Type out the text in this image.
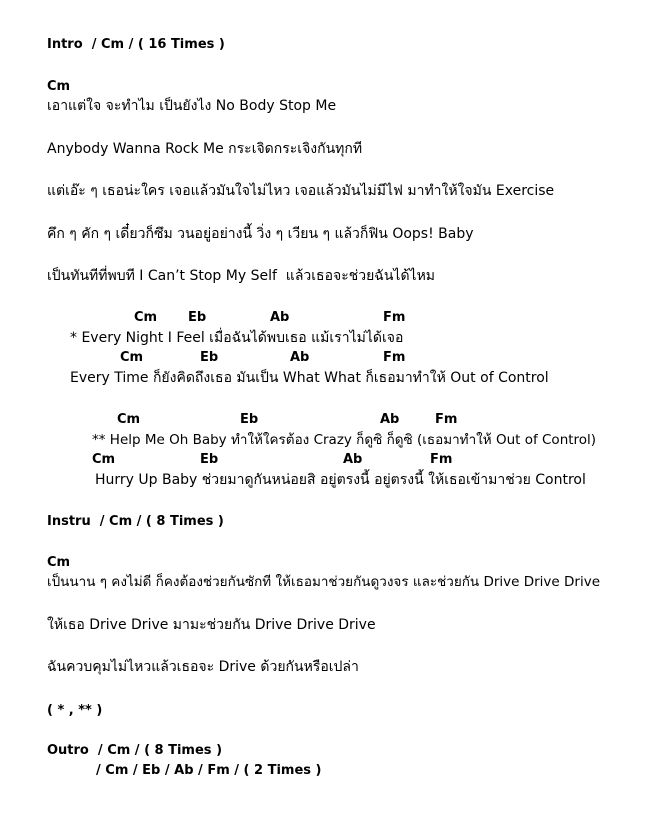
Intro  / Cm / ( 16 Times )
Cm
เอาแต่ใจ จะทำไม เป็นยังไง No Body Stop Me
Anybody Wanna Rock Me กระเจิดกระเจิงกันทุกที
แต่เอ๊ะ ๆ เธอน่ะใคร เจอแล้วมันใจไม่ไหว เจอแล้วมันไม่มีไฟ มาทำให้ใจมัน Exercise
คึก ๆ คัก ๆ เดี๋ยวก็ซึม วนอยู่อย่างนี้ วิ่ง ๆ เวียน ๆ แล้วก็ฟิน Oops! Baby
เป็นทันทีที่พบที I Can’t Stop My Self  แล้วเธอจะช่วยฉันได้ไหม
Cm Eb	Ab	Fm
* Every Night I Feel เมื่อฉันได้พบเธอ แม้เราไม่ได้เจอ
Cm	Eb	Ab	Fm
Every Time ก็ยังคิดถึงเธอ มันเป็น What What ก็เธอมาทำให้ Out of Control
Cm	Eb	Ab	Fm
** Help Me Oh Baby ทำให้ใครต้อง Crazy ก็ดูซิ ก็ดูซิ (เธอมาทำให้ Out of Control)
Cm	Eb	Ab	Fm
Hurry Up Baby ช่วยมาดูกันหน่อยสิ อยู่ตรงนี้ อยู่ตรงนี้ ให้เธอเข้ามาช่วย Control
Instru  / Cm / ( 8 Times )
Cm
เป็นนาน ๆ คงไม่ดี ก็คงต้องช่วยกันซักที ให้เธอมาช่วยกันดูวงจร และช่วยกัน Drive Drive Drive
ให้เธอ Drive Drive มามะช่วยกัน Drive Drive Drive
ฉันควบคุมไม่ไหวแล้วเธอจะ Drive ด้วยกันหรือเปล่า
( * , ** )
Outro  / Cm / ( 8 Times )
/ Cm / Eb / Ab / Fm / ( 2 Times )
